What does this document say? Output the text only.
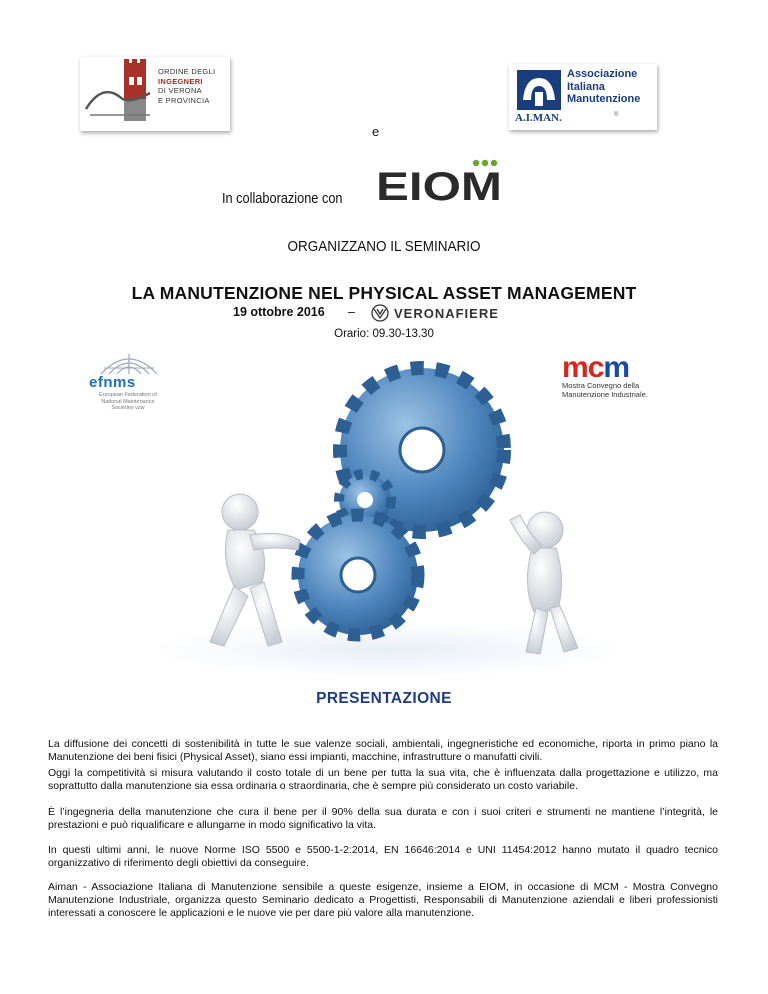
ORDINE DEGLI
INGEGNERI
DI VERONA
E PROVINCIA
Associazione
Italiana
Manutenzione
A.I.MAN.	®
e
In collaborazione con EIOM
ORGANIZZANO IL SEMINARIO
LA MANUTENZIONE NEL PHYSICAL ASSET MANAGEMENT
19 ottobre 2016 –	VERONAFIERE
Orario: 09.30-13.30
efnms
European Federation of
National Maintenance
Societies vzw
mcm
Mostra Convegno della
Manutenzione Industriale.
PRESENTAZIONE

La diffusione dei concetti di sostenibilità in tutte le sue valenze sociali, ambientali, ingegneristiche ed economiche, riporta in primo piano la Manutenzione dei beni fisici (Physical Asset), siano essi impianti, macchine, infrastrutture o manufatti civili.

Oggi la competitività si misura valutando il costo totale di un bene per tutta la sua vita, che è influenzata dalla progettazione e utilizzo, ma soprattutto dalla manutenzione sia essa ordinaria o straordinaria, che è sempre più considerato un costo variabile.

È l’ingegneria della manutenzione che cura il bene per il 90% della sua durata e con i suoi criteri e strumenti ne mantiene l’integrità, le prestazioni e può riqualificare e allungarne in modo significativo la vita.

In questi ultimi anni, le nuove Norme ISO 5500 e 5500-1-2:2014, EN 16646:2014 e UNI 11454:2012 hanno mutato il quadro tecnico organizzativo di riferimento degli obiettivi da conseguire.

Aiman - Associazione Italiana di Manutenzione sensibile a queste esigenze, insieme a EIOM, in occasione di MCM - Mostra Convegno Manutenzione Industriale, organizza questo Seminario dedicato a Progettisti, Responsabili di Manutenzione aziendali e liberi professionisti interessati a conoscere le applicazioni e le nuove vie per dare più valore alla manutenzione.
